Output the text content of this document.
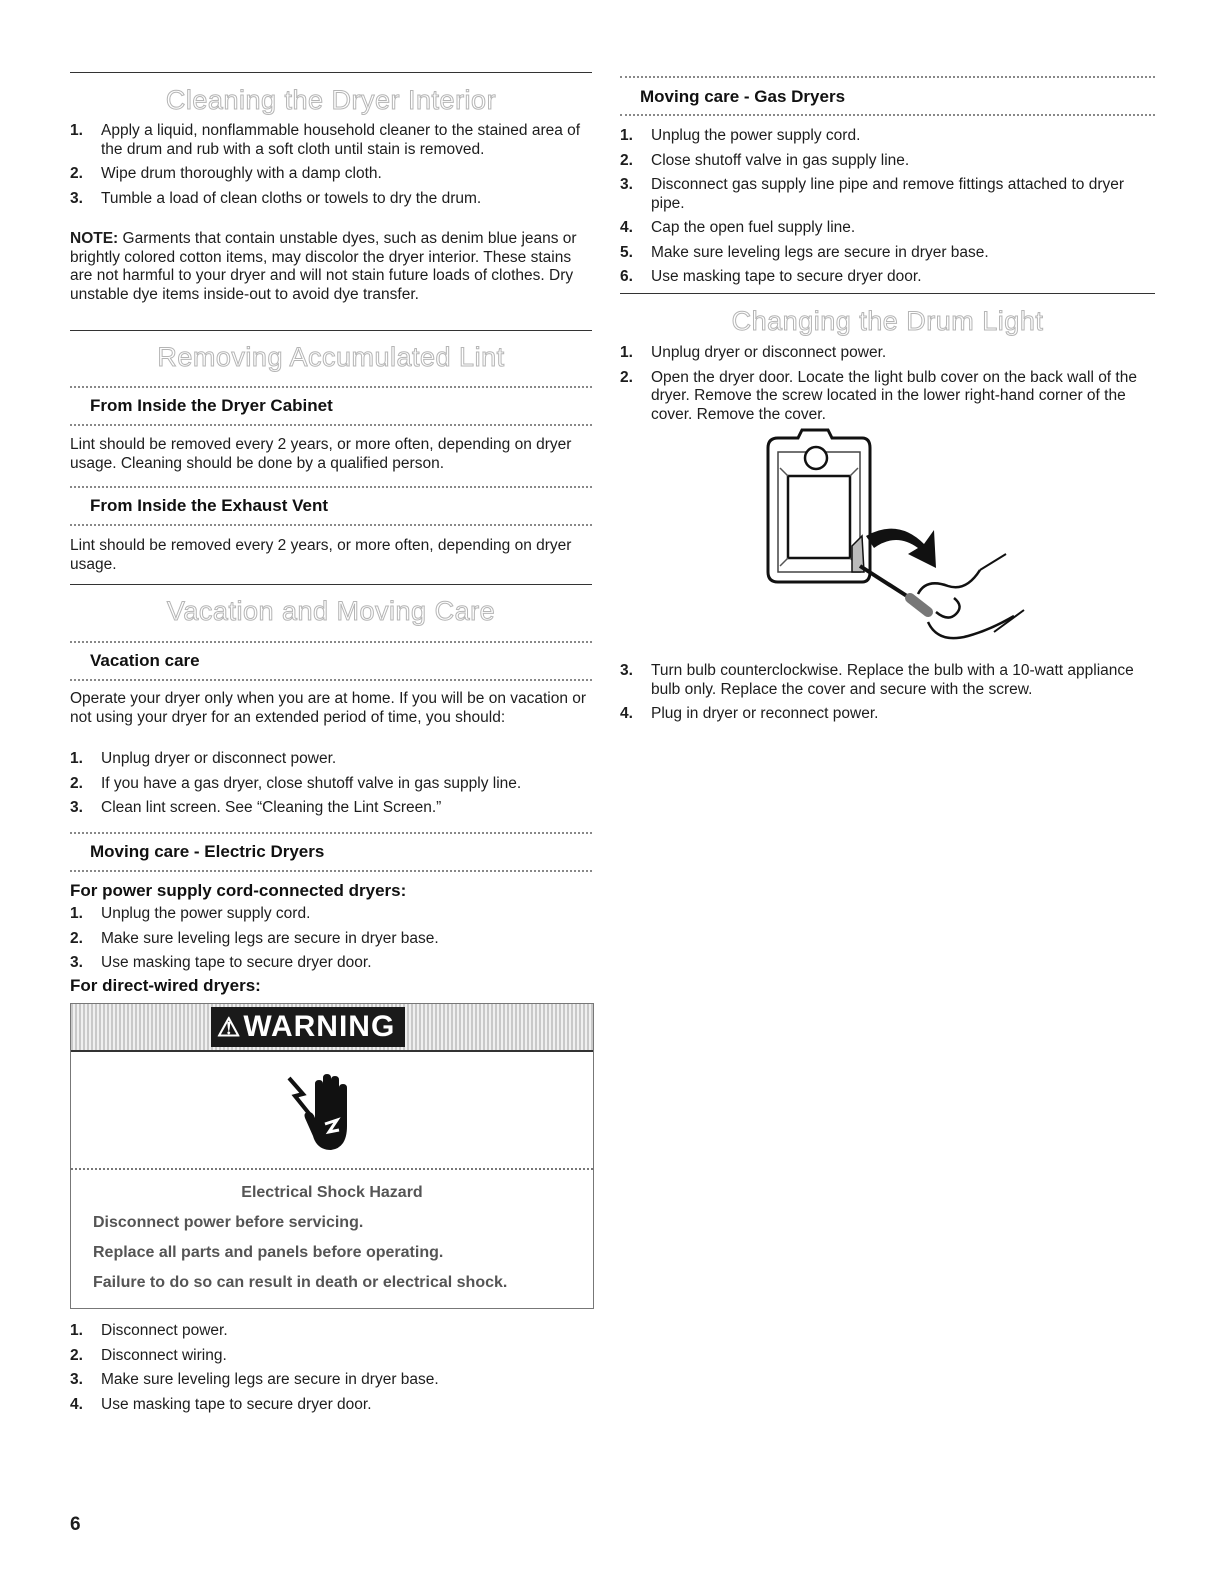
Cleaning the Dryer Interior
1. Apply a liquid, nonflammable household cleaner to the stained area of the drum and rub with a soft cloth until stain is removed.
2. Wipe drum thoroughly with a damp cloth.
3. Tumble a load of clean cloths or towels to dry the drum.
NOTE: Garments that contain unstable dyes, such as denim blue jeans or brightly colored cotton items, may discolor the dryer interior. These stains are not harmful to your dryer and will not stain future loads of clothes. Dry unstable dye items inside-out to avoid dye transfer.
Removing Accumulated Lint
From Inside the Dryer Cabinet
Lint should be removed every 2 years, or more often, depending on dryer usage. Cleaning should be done by a qualified person.
From Inside the Exhaust Vent
Lint should be removed every 2 years, or more often, depending on dryer usage.
Vacation and Moving Care
Vacation care
Operate your dryer only when you are at home. If you will be on vacation or not using your dryer for an extended period of time, you should:
1. Unplug dryer or disconnect power.
2. If you have a gas dryer, close shutoff valve in gas supply line.
3. Clean lint screen. See “Cleaning the Lint Screen.”
Moving care - Electric Dryers
For power supply cord-connected dryers:
1. Unplug the power supply cord.
2. Make sure leveling legs are secure in dryer base.
3. Use masking tape to secure dryer door.
For direct-wired dryers:
⚠WARNING
Electrical Shock Hazard
Disconnect power before servicing.
Replace all parts and panels before operating.
Failure to do so can result in death or electrical shock.
1. Disconnect power.
2. Disconnect wiring.
3. Make sure leveling legs are secure in dryer base.
4. Use masking tape to secure dryer door.
Moving care - Gas Dryers
1. Unplug the power supply cord.
2. Close shutoff valve in gas supply line.
3. Disconnect gas supply line pipe and remove fittings attached to dryer pipe.
4. Cap the open fuel supply line.
5. Make sure leveling legs are secure in dryer base.
6. Use masking tape to secure dryer door.
Changing the Drum Light
1. Unplug dryer or disconnect power.
2. Open the dryer door. Locate the light bulb cover on the back wall of the dryer. Remove the screw located in the lower right-hand corner of the cover. Remove the cover.
3. Turn bulb counterclockwise. Replace the bulb with a 10-watt appliance bulb only. Replace the cover and secure with the screw.
4. Plug in dryer or reconnect power.
6
